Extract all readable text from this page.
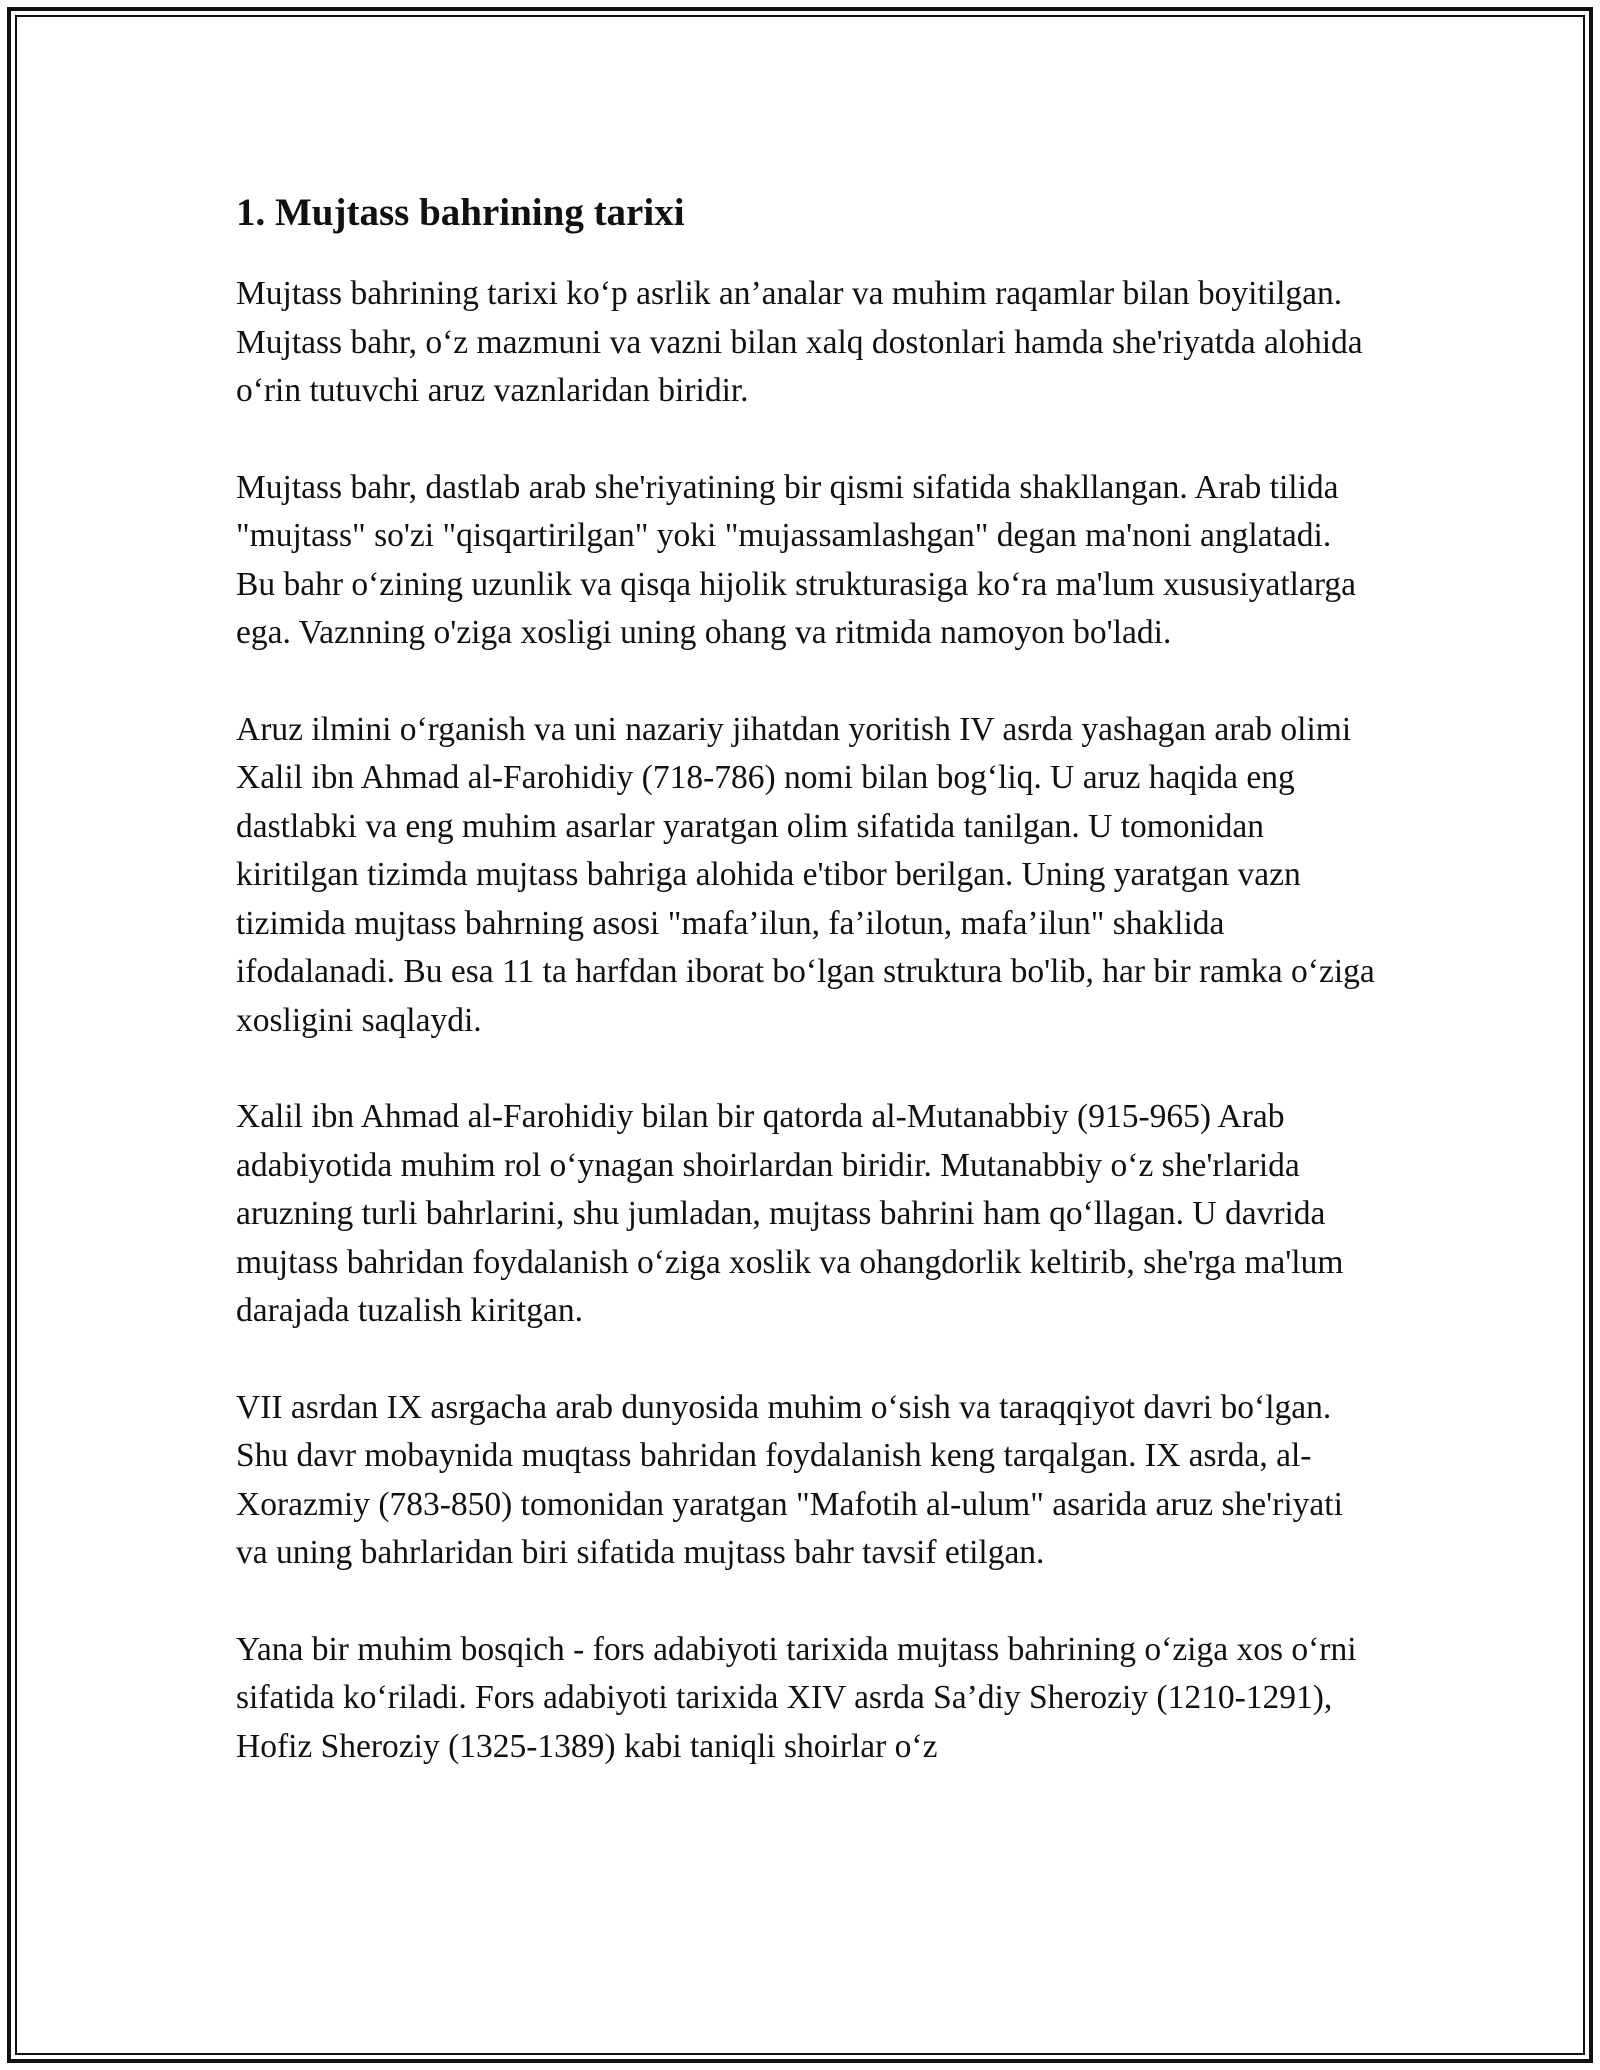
1. Mujtass bahrining tarixi

Mujtass bahrining tarixi ko‘p asrlik an’analar va muhim raqamlar bilan boyitilgan. Mujtass bahr, o‘z mazmuni va vazni bilan xalq dostonlari hamda she'riyatda alohida o‘rin tutuvchi aruz vaznlaridan biridir.

Mujtass bahr, dastlab arab she'riyatining bir qismi sifatida shakllangan. Arab tilida "mujtass" so'zi "qisqartirilgan" yoki "mujassamlashgan" degan ma'noni anglatadi. Bu bahr o‘zining uzunlik va qisqa hijolik strukturasiga ko‘ra ma'lum xususiyatlarga ega. Vaznning o'ziga xosligi uning ohang va ritmida namoyon bo'ladi.

Aruz ilmini o‘rganish va uni nazariy jihatdan yoritish IV asrda yashagan arab olimi Xalil ibn Ahmad al-Farohidiy (718-786) nomi bilan bog‘liq. U aruz haqida eng dastlabki va eng muhim asarlar yaratgan olim sifatida tanilgan. U tomonidan kiritilgan tizimda mujtass bahriga alohida e'tibor berilgan. Uning yaratgan vazn tizimida mujtass bahrning asosi "mafa’ilun, fa’ilotun, mafa’ilun" shaklida ifodalanadi. Bu esa 11 ta harfdan iborat bo‘lgan struktura bo'lib, har bir ramka o‘ziga xosligini saqlaydi.

Xalil ibn Ahmad al-Farohidiy bilan bir qatorda al-Mutanabbiy (915-965) Arab adabiyotida muhim rol o‘ynagan shoirlardan biridir. Mutanabbiy o‘z she'rlarida aruzning turli bahrlarini, shu jumladan, mujtass bahrini ham qo‘llagan. U davrida mujtass bahridan foydalanish o‘ziga xoslik va ohangdorlik keltirib, she'rga ma'lum darajada tuzalish kiritgan.

VII asrdan IX asrgacha arab dunyosida muhim o‘sish va taraqqiyot davri bo‘lgan. Shu davr mobaynida muqtass bahridan foydalanish keng tarqalgan. IX asrda, al-Xorazmiy (783-850) tomonidan yaratgan "Mafotih al-ulum" asarida aruz she'riyati va uning bahrlaridan biri sifatida mujtass bahr tavsif etilgan.

Yana bir muhim bosqich - fors adabiyoti tarixida mujtass bahrining o‘ziga xos o‘rni sifatida ko‘riladi. Fors adabiyoti tarixida XIV asrda Sa’diy Sheroziy (1210-1291), Hofiz Sheroziy (1325-1389) kabi taniqli shoirlar o‘z
